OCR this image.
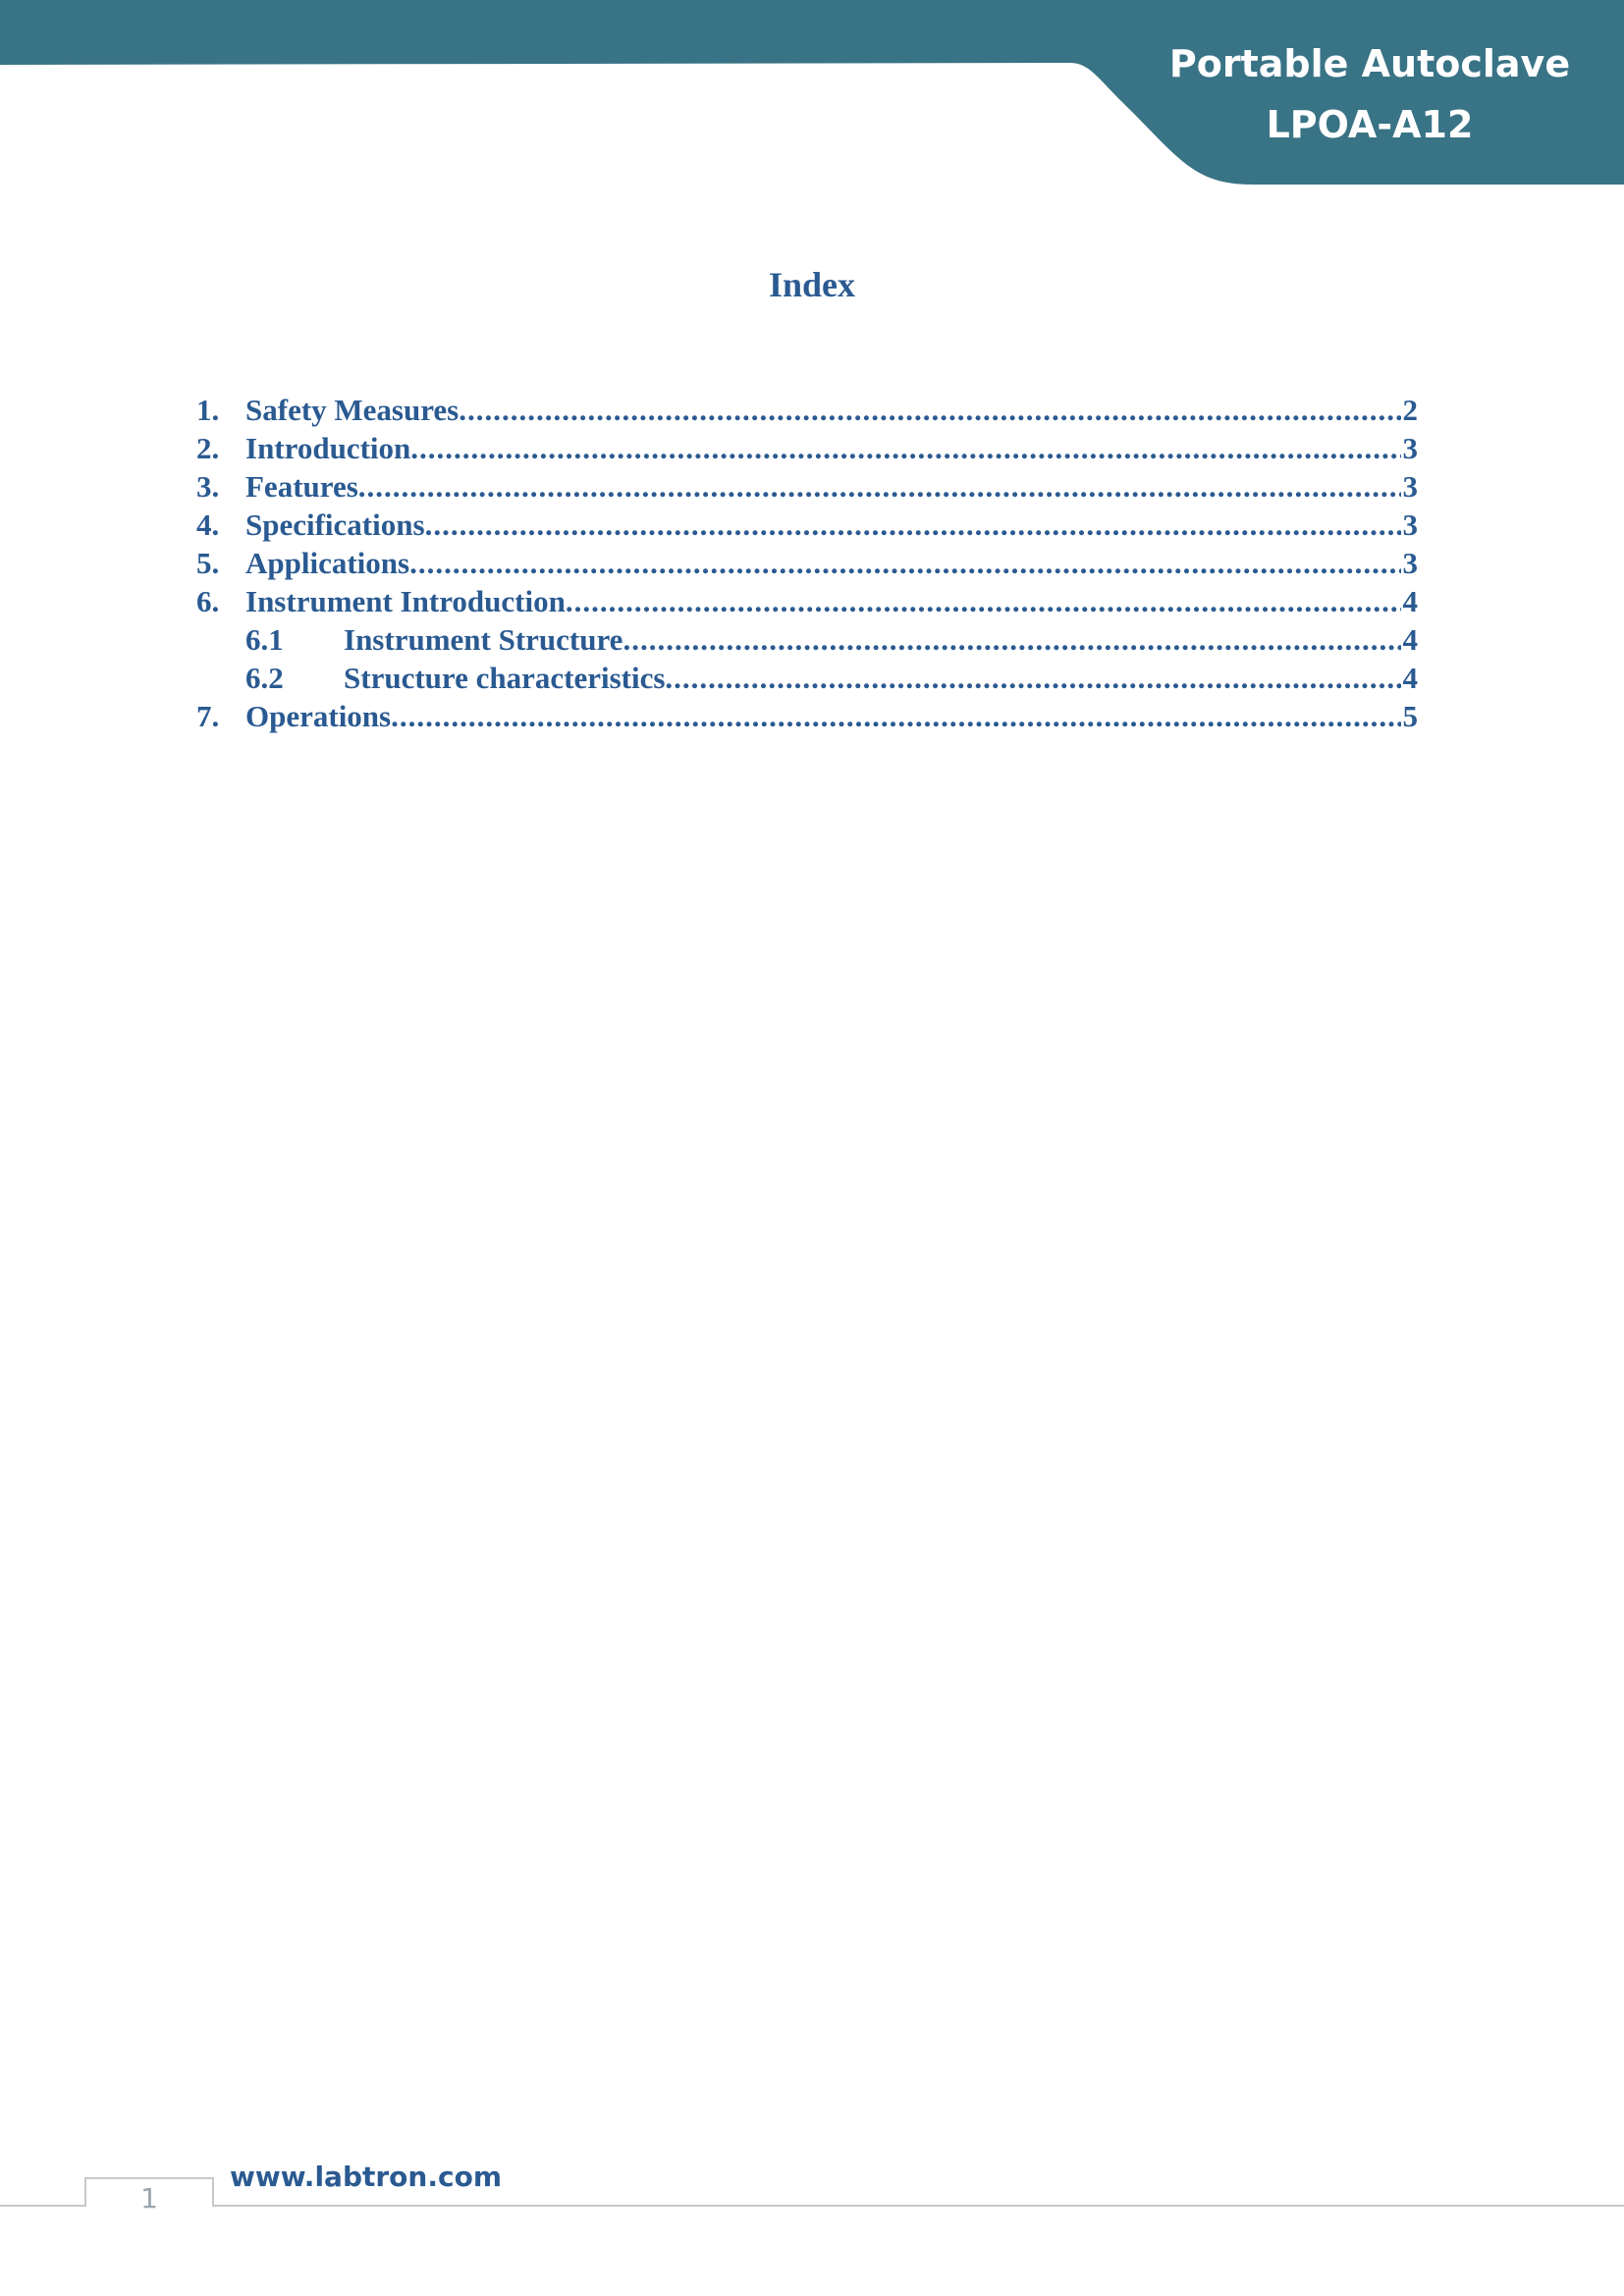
Portable Autoclave
LPOA-A12
Index
1. Safety Measures .....	2
2. Introduction .....	3
3. Features .....	3
4. Specifications .....	3
5. Applications .....	3
6. Instrument Introduction .....	4
6.1	Instrument Structure .....	4
6.2	Structure characteristics .....	4
7. Operations .....	5
1
www.labtron.com
